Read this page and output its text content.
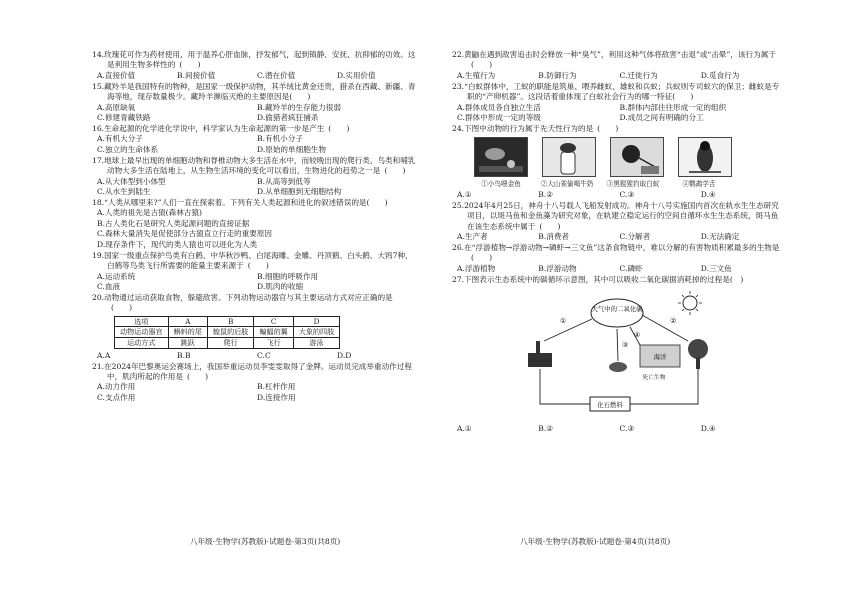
14.玫瑰花可作为药材使用，用于温养心肝血脉，抒发郁气，起到镇静、安抚、抗抑郁的功效。这是利用生物多样性的 (　　)
A.直接价值	B.间接价值	C.潜在价值	D.实用价值
15.藏羚羊是我国特有的物种，是国家一级保护动物，其羊绒比黄金还贵，猎杀在西藏、新疆、青海等地，现存数量极少。藏羚羊濒临灭绝的主要原因是(　　)
A.高原缺氧	B.藏羚羊的生存能力很弱
C.修建青藏铁路	D.偷猎者疯狂捕杀
16.生命起源的化学进化学说中，科学家认为生命起源的第一步是产生 (　　)
A.有机大分子	B.有机小分子
C.独立的生命体系	D.原始的单细胞生物
17.地球上最早出现的单细胞动物和脊椎动物大多生活在水中，而较晚出现的爬行类、鸟类和哺乳动物大多生活在陆地上，从生物生活环境的变化可以看出，生物进化的趋势之一是 (　　)
A.从大体型到小体型	B.从高等到低等
C.从水生到陆生	D.从单细胞到无细胞结构
18.“人类从哪里来?”人们一直在探索着。下列有关人类起源和进化的叙述错误的是(　　)
A.人类的祖先是古猿(森林古猿)
B.古人类化石是研究人类起源问题的直接证据
C.森林大量消失是促使部分古猿直立行走的重要原因
D.现存条件下，现代的类人猿也可以进化为人类
19.国家一级重点保护鸟类有白鹤、中华秋沙鸭、白尾海雕、金雕、丹顶鹤、白头鹤、大鸨7种，白鹤等鸟类飞行所需要的能量主要来源于 (　　)
A.运动系统	B.细胞的呼吸作用
C.血液	D.肌肉的收缩
20.动物通过运动获取食物，躲避敌害。下列动物运动器官与其主要运动方式对应正确的是(　　)
选项	A	B	C	D
动物运动器官	蝌蚪的尾	蝗鼠的后肢	蝙蝠的翼	大象的四肢
运动方式	跳跃	爬行	飞行	游泳
A.A	B.B	C.C	D.D
21.在2024年巴黎奥运会赛场上，我国举重运动员李雯雯取得了金牌。运动员完成举重动作过程中，肌肉所起的作用是 (　　)
A.动力作用	B.杠杆作用
C.支点作用	D.连接作用
八年级·生物学(苏教版)·试题卷·第3页(共8页)
22.黄鼬在遇到敌害追击时会释放一种“臭气”，利用这种气体将敌害“击退”或“击晕”，该行为属于(　　)
A.生殖行为	B.防御行为	C.迁徙行为	D.觅食行为
23.“白蚁群体中，工蚁的职能是筑巢、喂养雌蚁、雄蚁和兵蚁；兵蚁则专司蚁穴的保卫；雌蚁是专职的“产卵机器”。这段话着重体现了白蚁社会行为的哪一特征(　　)
A.群体成员各自独立生活	B.群体内部往往形成一定的组织
C.群体中形成一定的等级	D.成员之间有明确的分工
24.下图中动物的行为属于先天性行为的是 (　　)
①小鸟喂金鱼	②大山雀偷喝牛奶	③黑猩猩钓取白蚁	④鹦鹉学舌
A.①	B.②	C.③	D.④
25.2024年4月25日，神舟十八号载人飞船发射成功。神舟十八号实施国内首次在轨水生生态研究项目，以斑马鱼和金鱼藻为研究对象，在轨建立稳定运行的空间自循环水生生态系统，斑马鱼在该生态系统中属于 (　　)
A.生产者	B.消费者	C.分解者	D.无法确定
26.在“浮游植物→浮游动物→磷虾→三文鱼”这条食物链中，难以分解的有害物质积累最多的生物是(　　)
A.浮游植物	B.浮游动物	C.磷虾	D.三文鱼
27.下图表示生态系统中的碳循环示意图，其中可以吸收二氧化碳据消耗掉的过程是(　)
大气中的二氧化碳
海洋
死亡生物
化石燃料
①	②
③
④
A.①	B.②	C.③	D.④
八年级·生物学(苏教版)·试题卷·第4页(共8页)
